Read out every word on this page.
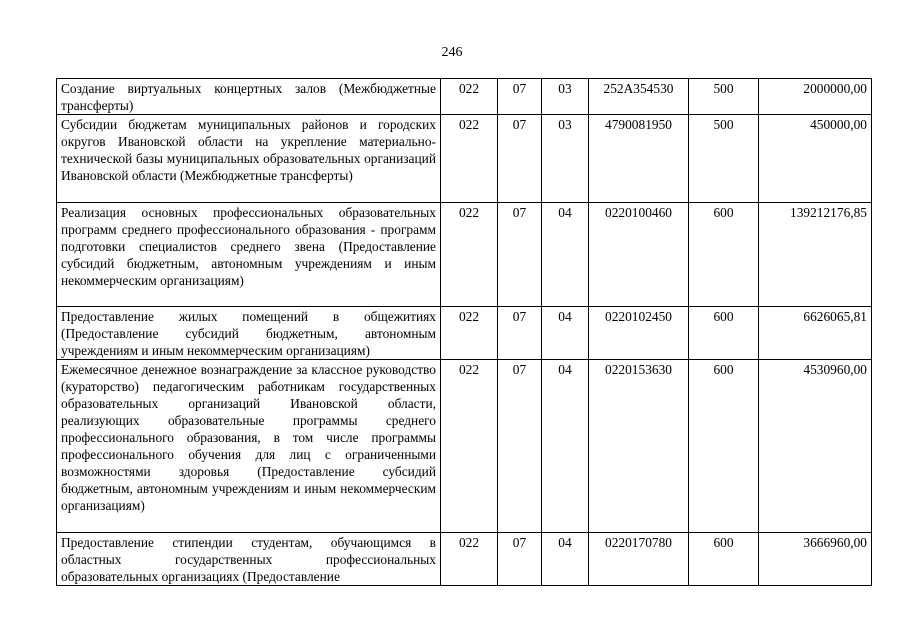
246
Создание виртуальных концертных залов (Межбюджетные трансферты)	022	07	03	252A354530	500	2000000,00
Субсидии бюджетам муниципальных районов и городских округов Ивановской области на укрепление материально-технической базы муниципальных образовательных организаций Ивановской области (Межбюджетные трансферты)	022	07	03	4790081950	500	450000,00
Реализация основных профессиональных образовательных программ среднего профессионального образования - программ подготовки специалистов среднего звена (Предоставление субсидий бюджетным, автономным учреждениям и иным некоммерческим организациям)	022	07	04	0220100460	600	139212176,85
Предоставление жилых помещений в общежитиях (Предоставление субсидий бюджетным, автономным учреждениям и иным некоммерческим организациям)	022	07	04	0220102450	600	6626065,81
Ежемесячное денежное вознаграждение за классное руководство (кураторство) педагогическим работникам государственных образовательных организаций Ивановской области, реализующих образовательные программы среднего профессионального образования, в том числе программы профессионального обучения для лиц с ограниченными возможностями здоровья (Предоставление субсидий бюджетным, автономным учреждениям и иным некоммерческим организациям)	022	07	04	0220153630	600	4530960,00
Предоставление стипендии студентам, обучающимся в областных государственных профессиональных образовательных организациях (Предоставление	022	07	04	0220170780	600	3666960,00
